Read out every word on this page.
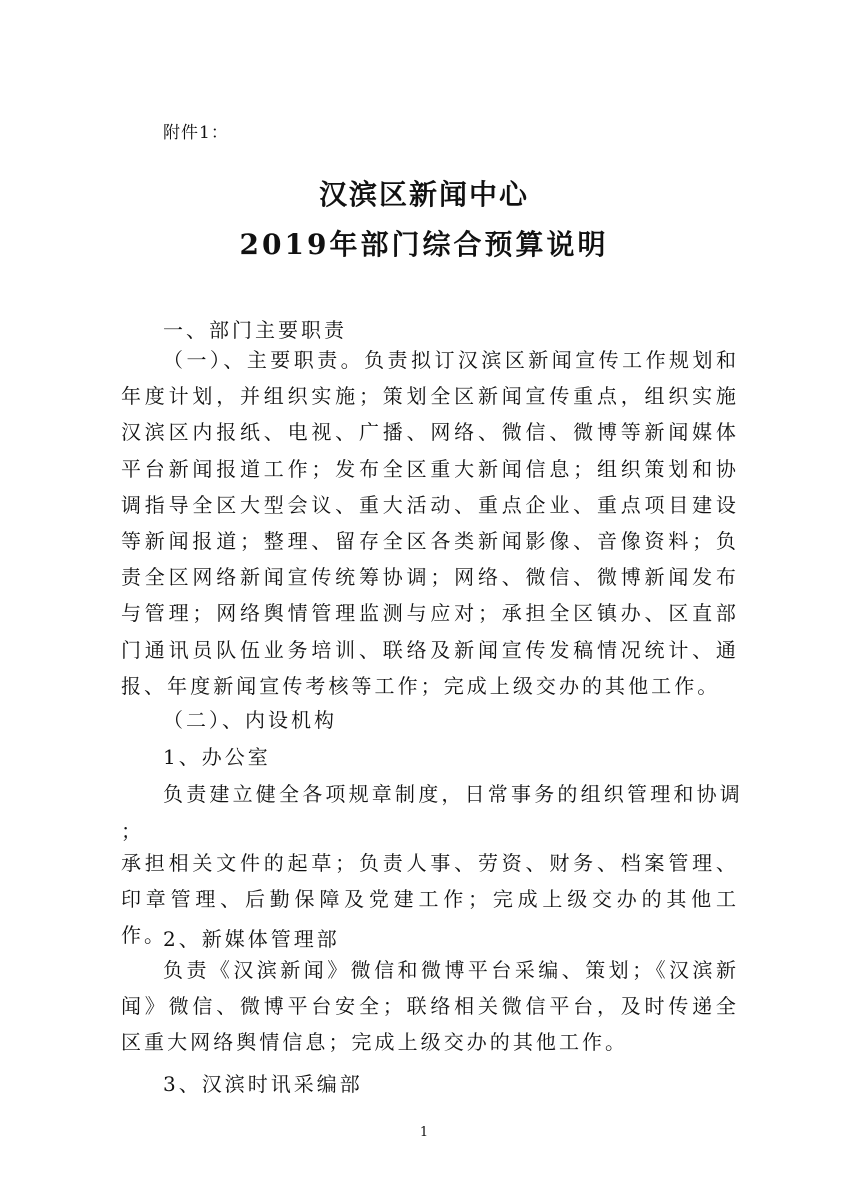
附件1：
汉滨区新闻中心
2019年部门综合预算说明
一、部门主要职责
（一）、主要职责。负责拟订汉滨区新闻宣传工作规划和年度计划，并组织实施；策划全区新闻宣传重点，组织实施汉滨区内报纸、电视、广播、网络、微信、微博等新闻媒体平台新闻报道工作；发布全区重大新闻信息；组织策划和协调指导全区大型会议、重大活动、重点企业、重点项目建设等新闻报道；整理、留存全区各类新闻影像、音像资料；负责全区网络新闻宣传统筹协调；网络、微信、微博新闻发布与管理；网络舆情管理监测与应对；承担全区镇办、区直部门通讯员队伍业务培训、联络及新闻宣传发稿情况统计、通报、年度新闻宣传考核等工作；完成上级交办的其他工作。
（二）、内设机构
1、办公室
负责建立健全各项规章制度，日常事务的组织管理和协调
；
承担相关文件的起草；负责人事、劳资、财务、档案管理、印章管理、后勤保障及党建工作；完成上级交办的其他工作。
2、新媒体管理部
负责《汉滨新闻》微信和微博平台采编、策划；《汉滨新闻》微信、微博平台安全；联络相关微信平台，及时传递全区重大网络舆情信息；完成上级交办的其他工作。
3、汉滨时讯采编部
1
